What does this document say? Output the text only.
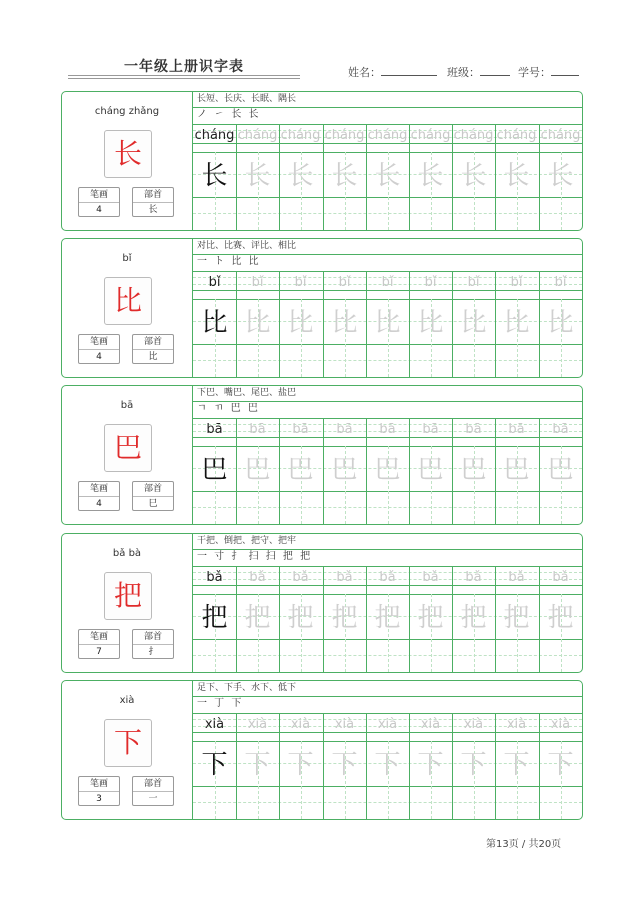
一年级上册识字表	姓名：	班级：	学号：
cháng zhǎng
长
笔画
4
部首
长
长短、长庆、长眠、隅长
ノ ㇀ 长 长
cháng
长
cháng
长
cháng
长
cháng
长
cháng
长
cháng
长
cháng
长
cháng
长
cháng
长
bǐ
比
笔画
4
部首
比
对比、比赛、评比、相比
一 ト 比 比
bǐ
比
bǐ
比
bǐ
比
bǐ
比
bǐ
比
bǐ
比
bǐ
比
bǐ
比
bǐ
比
bā
巴
笔画
4
部首
巳
下巴、嘴巴、尾巴、盐巴
ㄱ ㄲ 巴 巴
bā
巴
bā
巴
bā
巴
bā
巴
bā
巴
bā
巴
bā
巴
bā
巴
bā
巴
bǎ bà
把
笔画
7
部首
扌
干把、倒把、把守、把牢
一 寸 扌 扫 扫 把 把
bǎ
把
bǎ
把
bǎ
把
bǎ
把
bǎ
把
bǎ
把
bǎ
把
bǎ
把
bǎ
把
xià
下
笔画
3
部首
一
足下、下手、水下、低下
一 丁 下
xià
下
xià
下
xià
下
xià
下
xià
下
xià
下
xià
下
xià
下
xià
下
第13页 / 共20页
